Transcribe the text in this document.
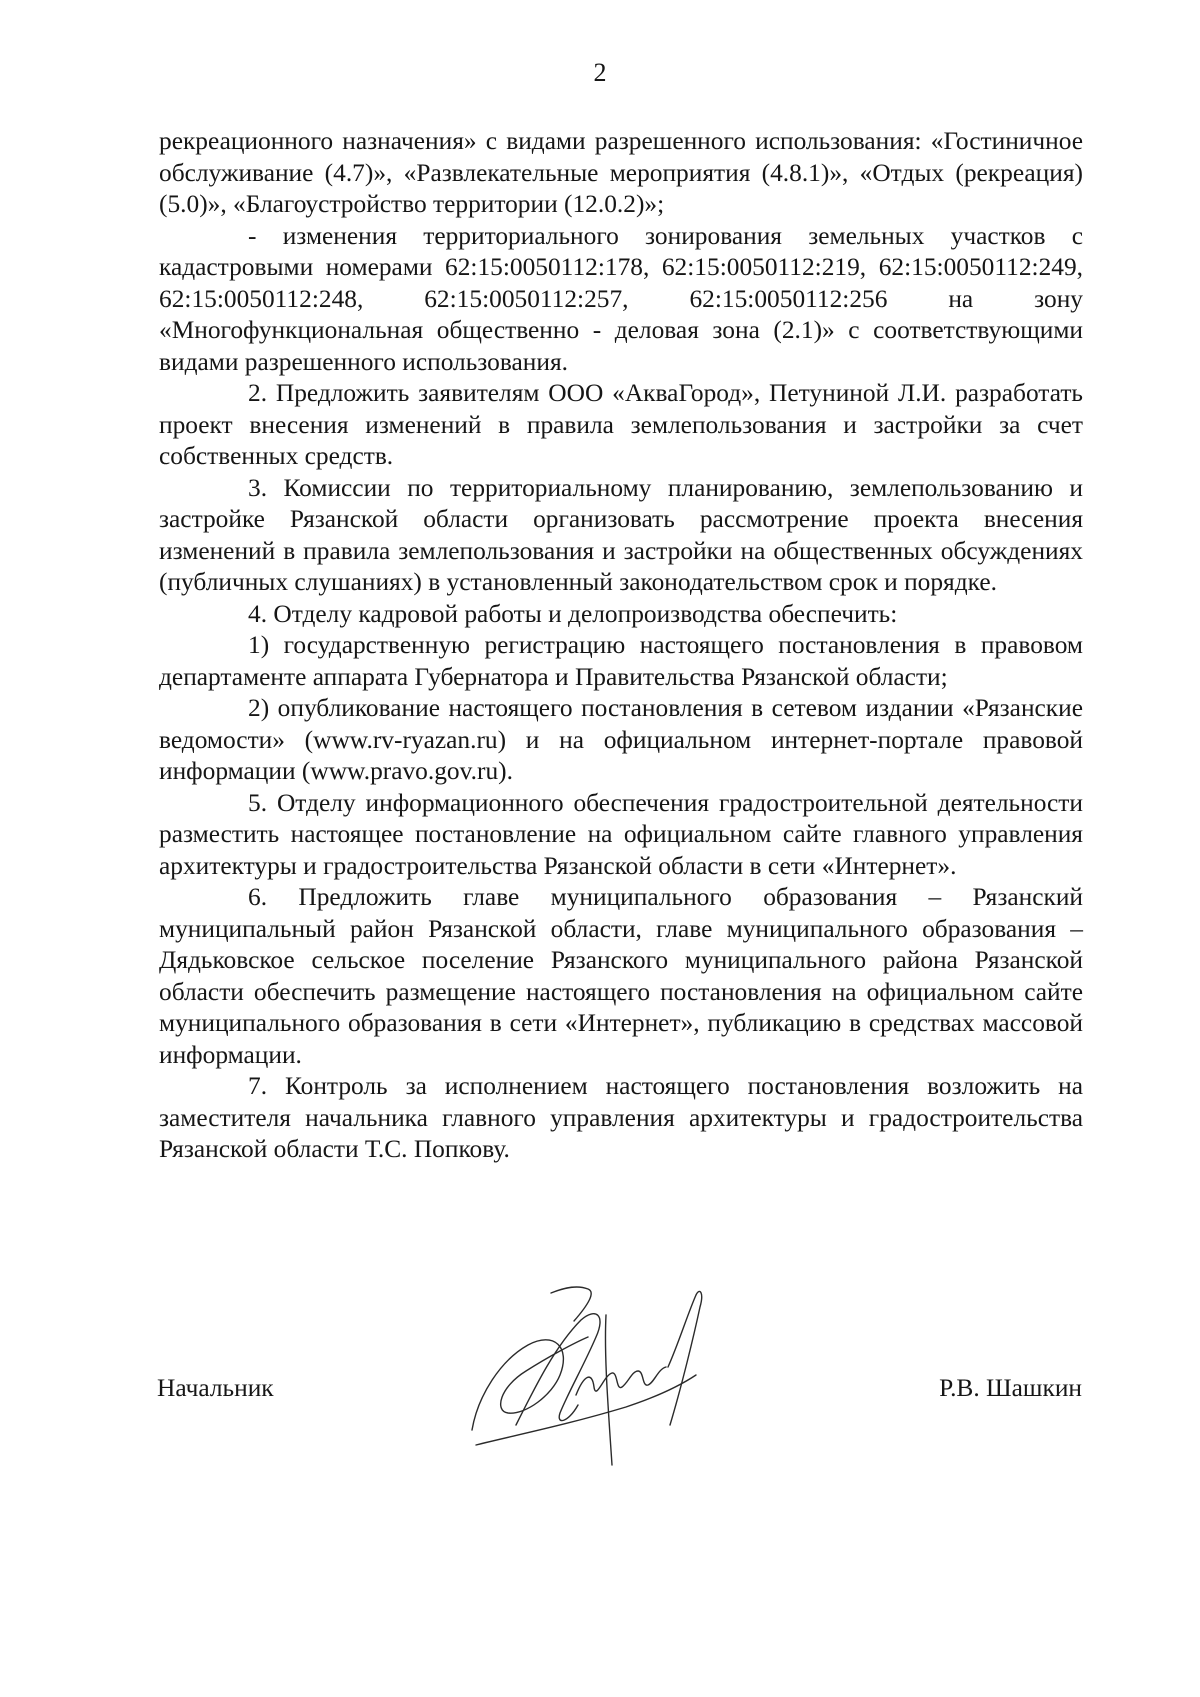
2

рекреационного назначения» с видами разрешенного использования: «Гостиничное обслуживание (4.7)», «Развлекательные мероприятия (4.8.1)», «Отдых (рекреация) (5.0)», «Благоустройство территории (12.0.2)»;

- изменения территориального зонирования земельных участков с кадастровыми номерами 62:15:0050112:178, 62:15:0050112:219, 62:15:0050112:249, 62:15:0050112:248, 62:15:0050112:257, 62:15:0050112:256 на зону «Многофункциональная общественно - деловая зона (2.1)» с соответствующими видами разрешенного использования.

2. Предложить заявителям ООО «АкваГород», Петуниной Л.И. разработать проект внесения изменений в правила землепользования и застройки за счет собственных средств.

3. Комиссии по территориальному планированию, землепользованию и застройке Рязанской области организовать рассмотрение проекта внесения изменений в правила землепользования и застройки на общественных обсуждениях (публичных слушаниях) в установленный законодательством срок и порядке.

4. Отделу кадровой работы и делопроизводства обеспечить:

1) государственную регистрацию настоящего постановления в правовом департаменте аппарата Губернатора и Правительства Рязанской области;

2) опубликование настоящего постановления в сетевом издании «Рязанские ведомости» (www.rv-ryazan.ru) и на официальном интернет-портале правовой информации (www.pravo.gov.ru).

5. Отделу информационного обеспечения градостроительной деятельности разместить настоящее постановление на официальном сайте главного управления архитектуры и градостроительства Рязанской области в сети «Интернет».

6. Предложить главе муниципального образования – Рязанский муниципальный район Рязанской области, главе муниципального образования – Дядьковское сельское поселение Рязанского муниципального района Рязанской области обеспечить размещение настоящего постановления на официальном сайте муниципального образования в сети «Интернет», публикацию в средствах массовой информации.

7. Контроль за исполнением настоящего постановления возложить на заместителя начальника главного управления архитектуры и градостроительства Рязанской области Т.С. Попкову.

Начальник	Р.В. Шашкин
